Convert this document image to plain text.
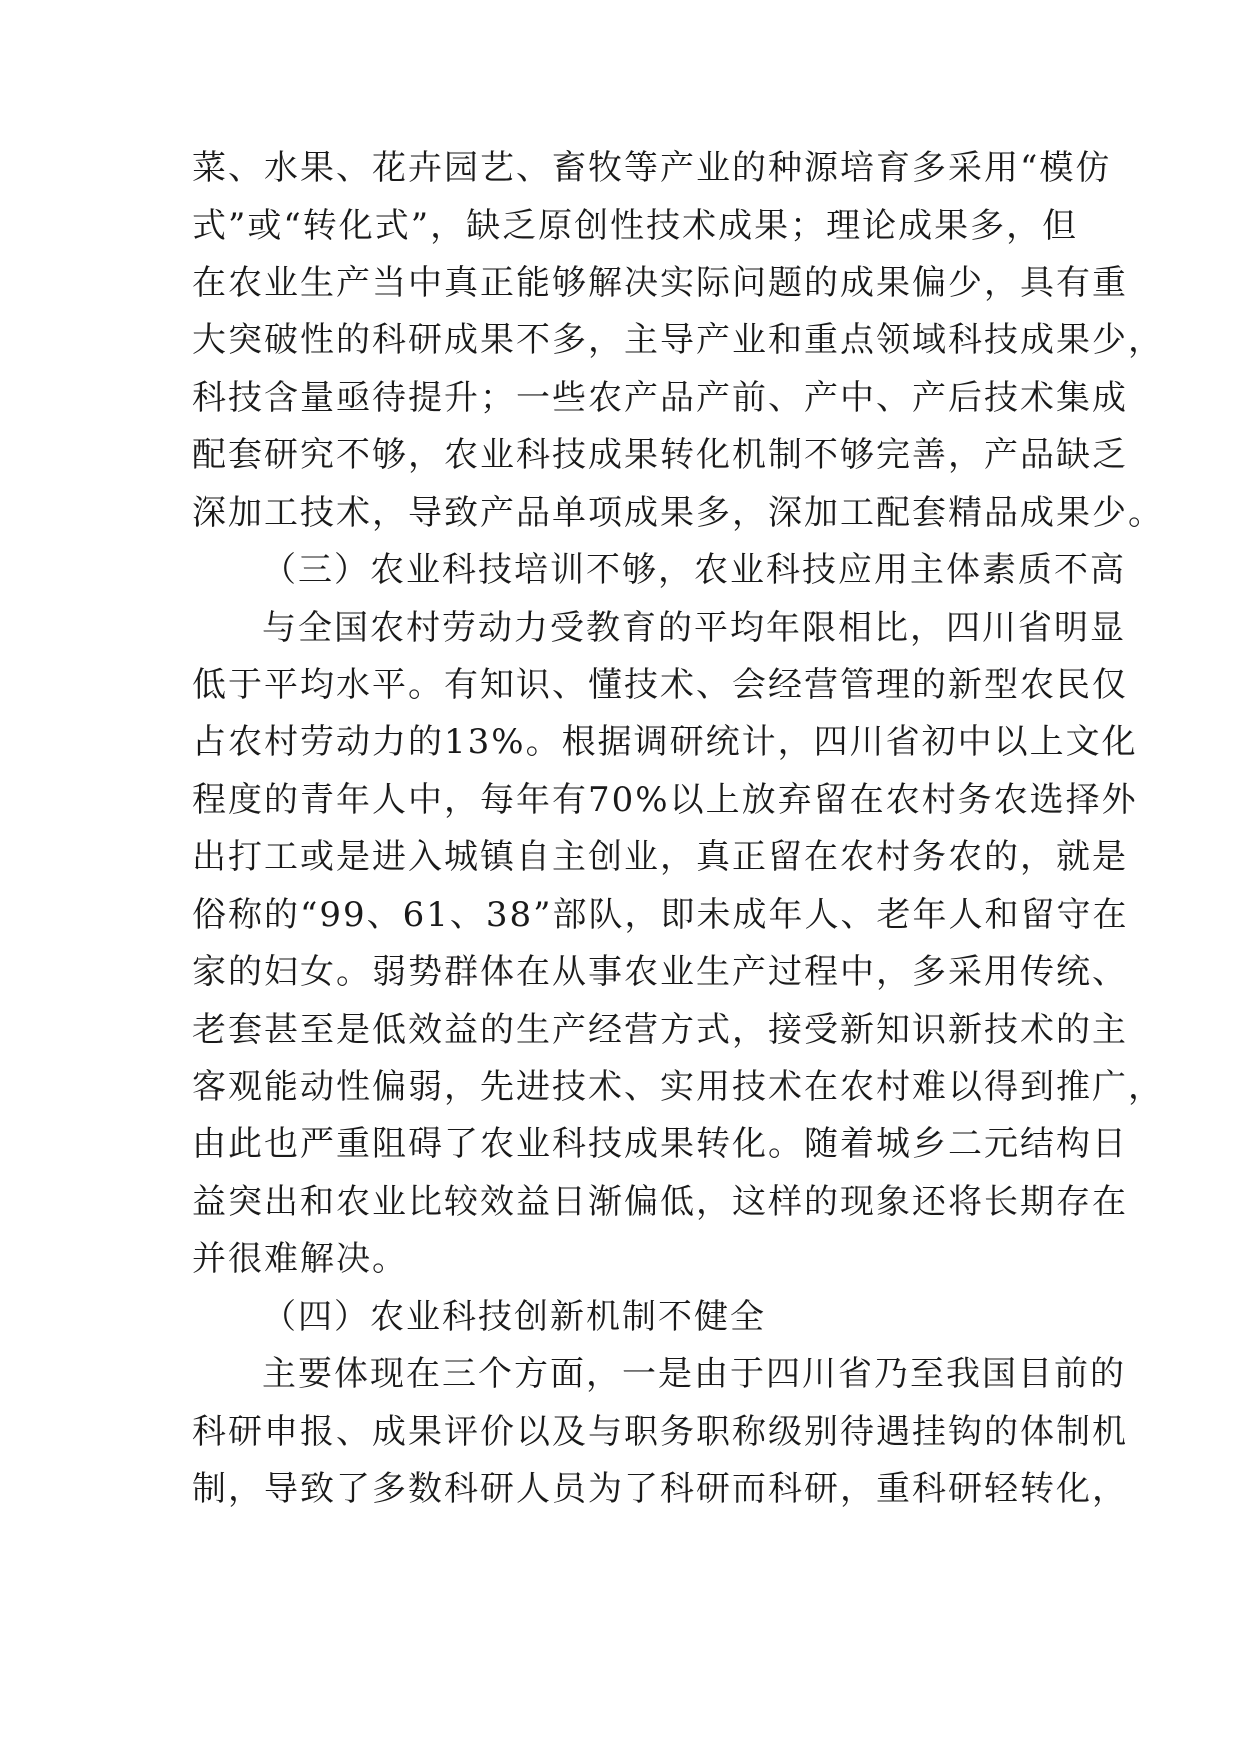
菜、水果、花卉园艺、畜牧等产业的种源培育多采用“模仿
式”或“转化式”，缺乏原创性技术成果；理论成果多，但
在农业生产当中真正能够解决实际问题的成果偏少，具有重
大突破性的科研成果不多，主导产业和重点领域科技成果少，
科技含量亟待提升；一些农产品产前、产中、产后技术集成
配套研究不够，农业科技成果转化机制不够完善，产品缺乏
深加工技术，导致产品单项成果多，深加工配套精品成果少。
（三）农业科技培训不够，农业科技应用主体素质不高
与全国农村劳动力受教育的平均年限相比，四川省明显
低于平均水平。有知识、懂技术、会经营管理的新型农民仅
占农村劳动力的13%。根据调研统计，四川省初中以上文化
程度的青年人中，每年有70%以上放弃留在农村务农选择外
出打工或是进入城镇自主创业，真正留在农村务农的，就是
俗称的“99、61、38”部队，即未成年人、老年人和留守在
家的妇女。弱势群体在从事农业生产过程中，多采用传统、
老套甚至是低效益的生产经营方式，接受新知识新技术的主
客观能动性偏弱，先进技术、实用技术在农村难以得到推广，
由此也严重阻碍了农业科技成果转化。随着城乡二元结构日
益突出和农业比较效益日渐偏低，这样的现象还将长期存在
并很难解决。
（四）农业科技创新机制不健全
主要体现在三个方面，一是由于四川省乃至我国目前的
科研申报、成果评价以及与职务职称级别待遇挂钩的体制机
制，导致了多数科研人员为了科研而科研，重科研轻转化，
